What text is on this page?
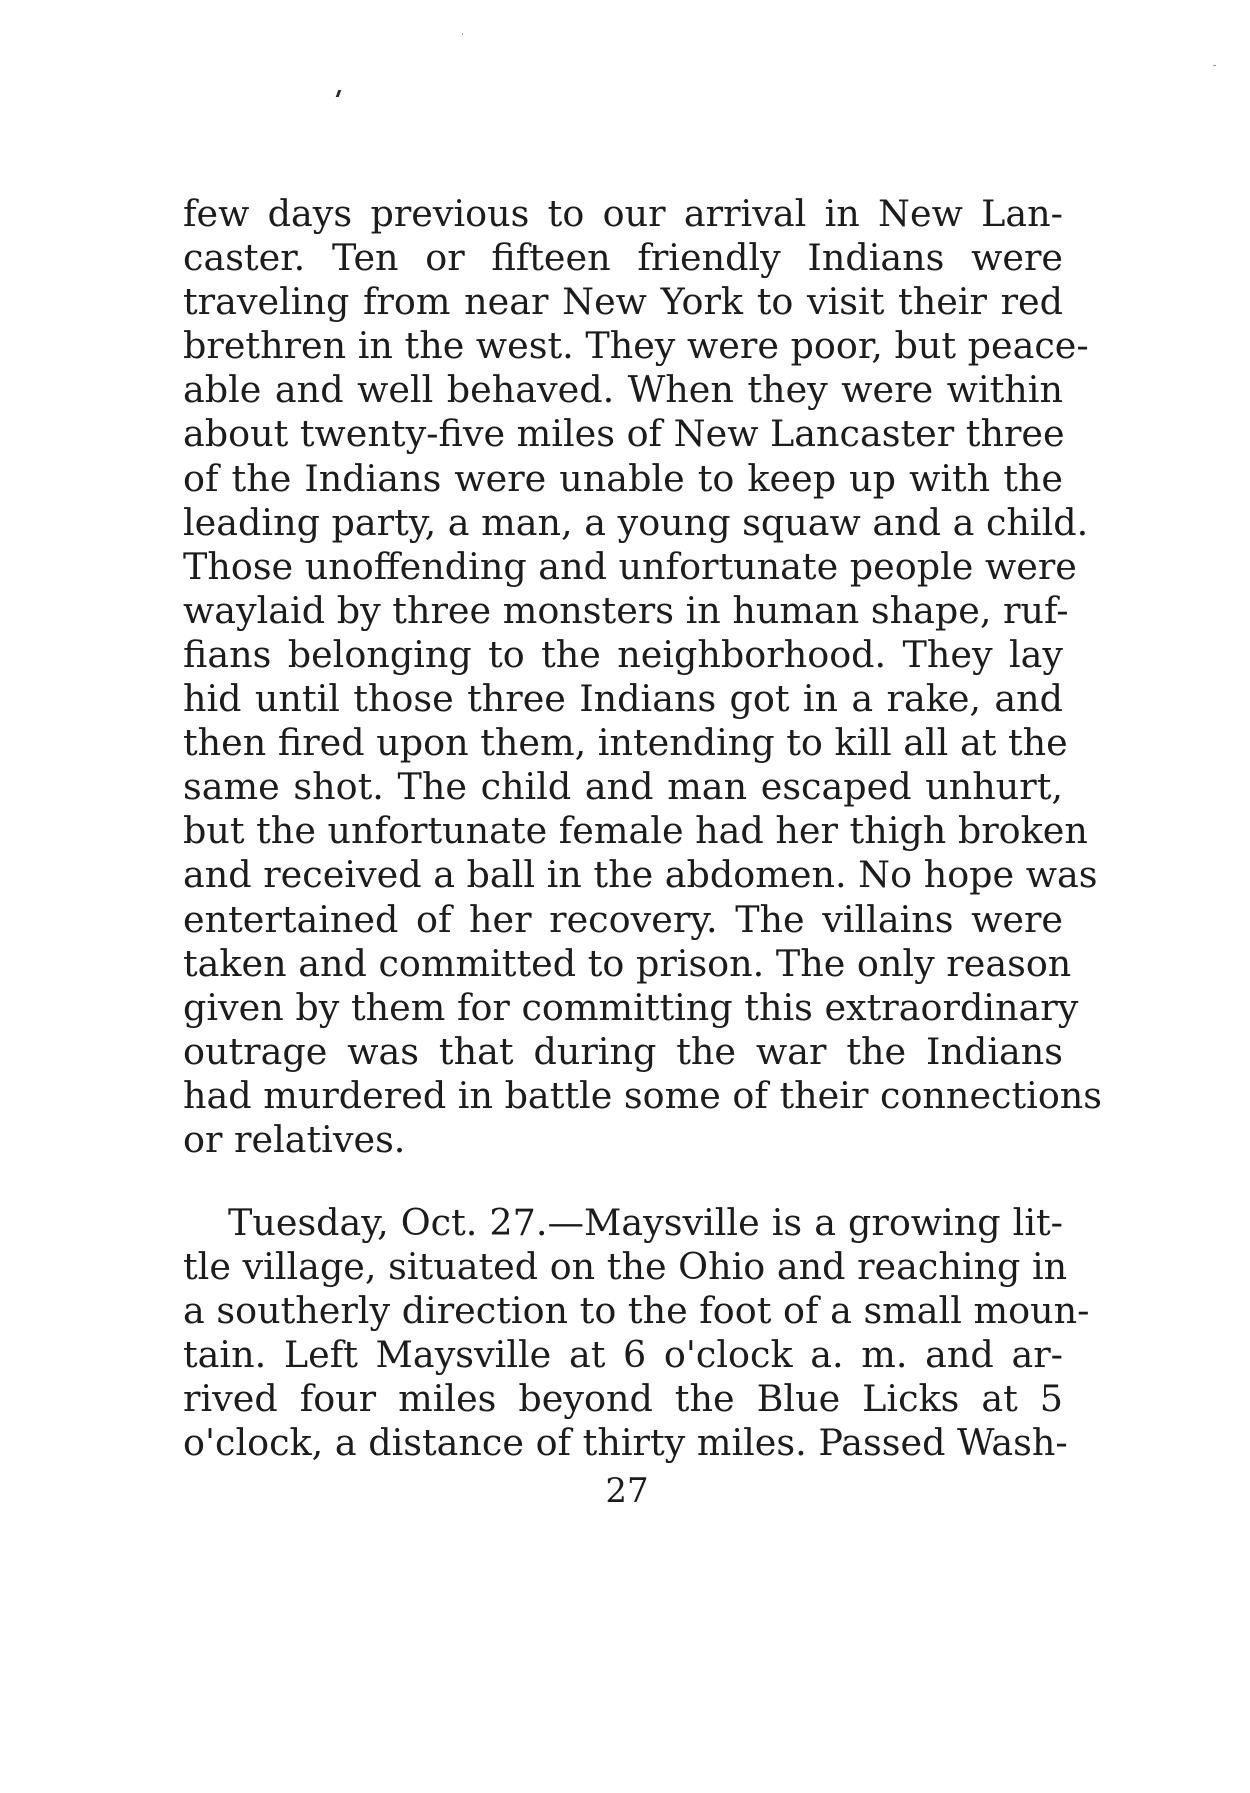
few days previous to our arrival in New Lan-
caster. Ten or fifteen friendly Indians were
traveling from near New York to visit their red
brethren in the west. They were poor, but peace-
able and well behaved. When they were within
about twenty-five miles of New Lancaster three
of the Indians were unable to keep up with the
leading party, a man, a young squaw and a child.
Those unoffending and unfortunate people were
waylaid by three monsters in human shape, ruf-
fians belonging to the neighborhood. They lay
hid until those three Indians got in a rake, and
then fired upon them, intending to kill all at the
same shot. The child and man escaped unhurt,
but the unfortunate female had her thigh broken
and received a ball in the abdomen. No hope was
entertained of her recovery. The villains were
taken and committed to prison. The only reason
given by them for committing this extraordinary
outrage was that during the war the Indians
had murdered in battle some of their connections
or relatives.
Tuesday, Oct. 27.—Maysville is a growing lit-
tle village, situated on the Ohio and reaching in
a southerly direction to the foot of a small moun-
tain. Left Maysville at 6 o'clock a. m. and ar-
rived four miles beyond the Blue Licks at 5
o'clock, a distance of thirty miles. Passed Wash-
27
